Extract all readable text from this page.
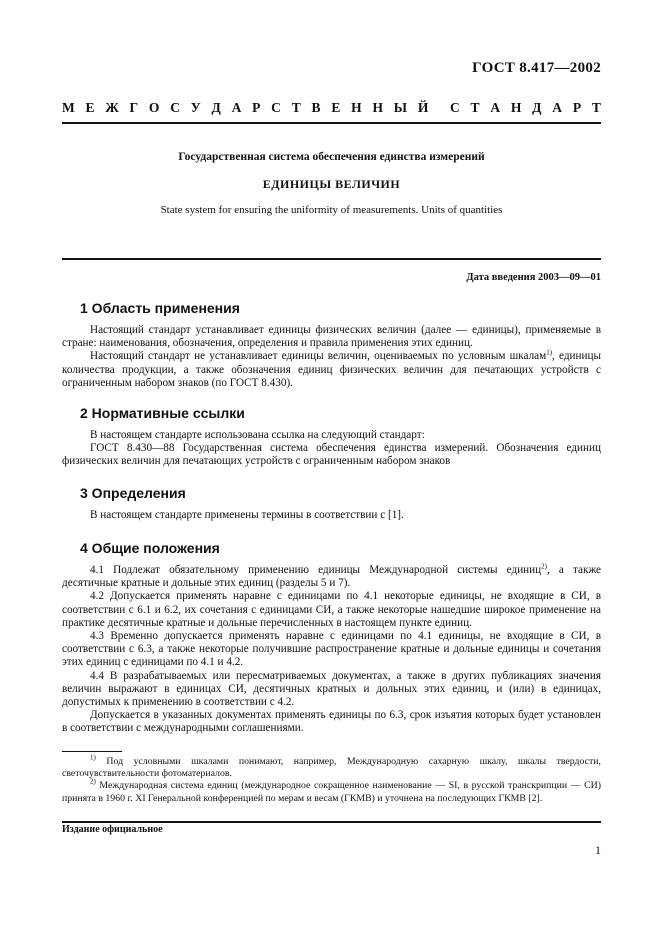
ГОСТ 8.417—2002
М Е Ж Г О С У Д А Р С Т В Е Н Н Ы Й С Т А Н Д А Р Т
Государственная система обеспечения единства измерений
ЕДИНИЦЫ ВЕЛИЧИН
State system for ensuring the uniformity of measurements. Units of quantities
Дата введения 2003—09—01
1 Область применения

Настоящий стандарт устанавливает единицы физических величин (далее — единицы), применяемые в стране: наименования, обозначения, определения и правила применения этих единиц.

Настоящий стандарт не устанавливает единицы величин, оцениваемых по условным шкалам$^{1)}$, единицы количества продукции, а также обозначения единиц физических величин для печатающих устройств с ограниченным набором знаков (по ГОСТ 8.430).

2 Нормативные ссылки

В настоящем стандарте использована ссылка на следующий стандарт:

ГОСТ 8.430—88 Государственная система обеспечения единства измерений. Обозначения единиц физических величин для печатающих устройств с ограниченным набором знаков

3 Определения

В настоящем стандарте применены термины в соответствии с [1].

4 Общие положения

4.1 Подлежат обязательному применению единицы Международной системы единиц$^{2)}$, а также десятичные кратные и дольные этих единиц (разделы 5 и 7).

4.2 Допускается применять наравне с единицами по 4.1 некоторые единицы, не входящие в СИ, в соответствии с 6.1 и 6.2, их сочетания с единицами СИ, а также некоторые нашедшие широкое применение на практике десятичные кратные и дольные перечисленных в настоящем пункте единиц.

4.3 Временно допускается применять наравне с единицами по 4.1 единицы, не входящие в СИ, в соответствии с 6.3, а также некоторые получившие распространение кратные и дольные единицы и сочетания этих единиц с единицами по 4.1 и 4.2.

4.4 В разрабатываемых или пересматриваемых документах, а также в других публикациях значения величин выражают в единицах СИ, десятичных кратных и дольных этих единиц, и (или) в единицах, допустимых к применению в соответствии с 4.2.

Допускается в указанных документах применять единицы по 6.3, срок изъятия которых будет установлен в соответствии с международными соглашениями.

$^{1)}$ Под условными шкалами понимают, например, Международную сахарную шкалу, шкалы твердости, светочувствительности фотоматериалов.

$^{2)}$ Международная система единиц (международное сокращенное наименование — SI, в русской транскрипции — СИ) принята в 1960 г. XI Генеральной конференцией по мерам и весам (ГКМВ) и уточнена на последующих ГКМВ [2].

Издание официальное
1
